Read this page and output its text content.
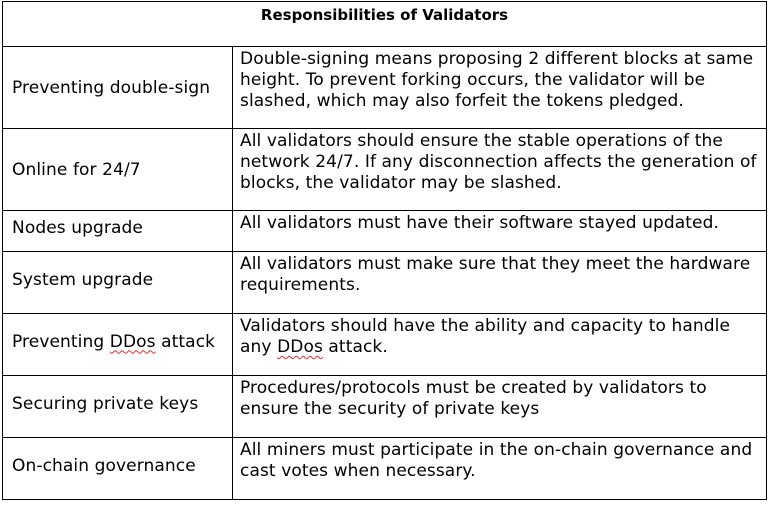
Responsibilities of Validators	
Preventing double-sign	Double-signing means proposing 2 different blocks at same height. To prevent forking occurs, the validator will be slashed, which may also forfeit the tokens pledged.
Online for 24/7	All validators should ensure the stable operations of the network 24/7. If any disconnection affects the generation of blocks, the validator may be slashed.
Nodes upgrade	All validators must have their software stayed updated.
System upgrade	All validators must make sure that they meet the hardware requirements.
Preventing DDos attack	Validators should have the ability and capacity to handle any DDos attack.
Securing private keys	Procedures/protocols must be created by validators to ensure the security of private keys
On-chain governance	All miners must participate in the on-chain governance and cast votes when necessary.
